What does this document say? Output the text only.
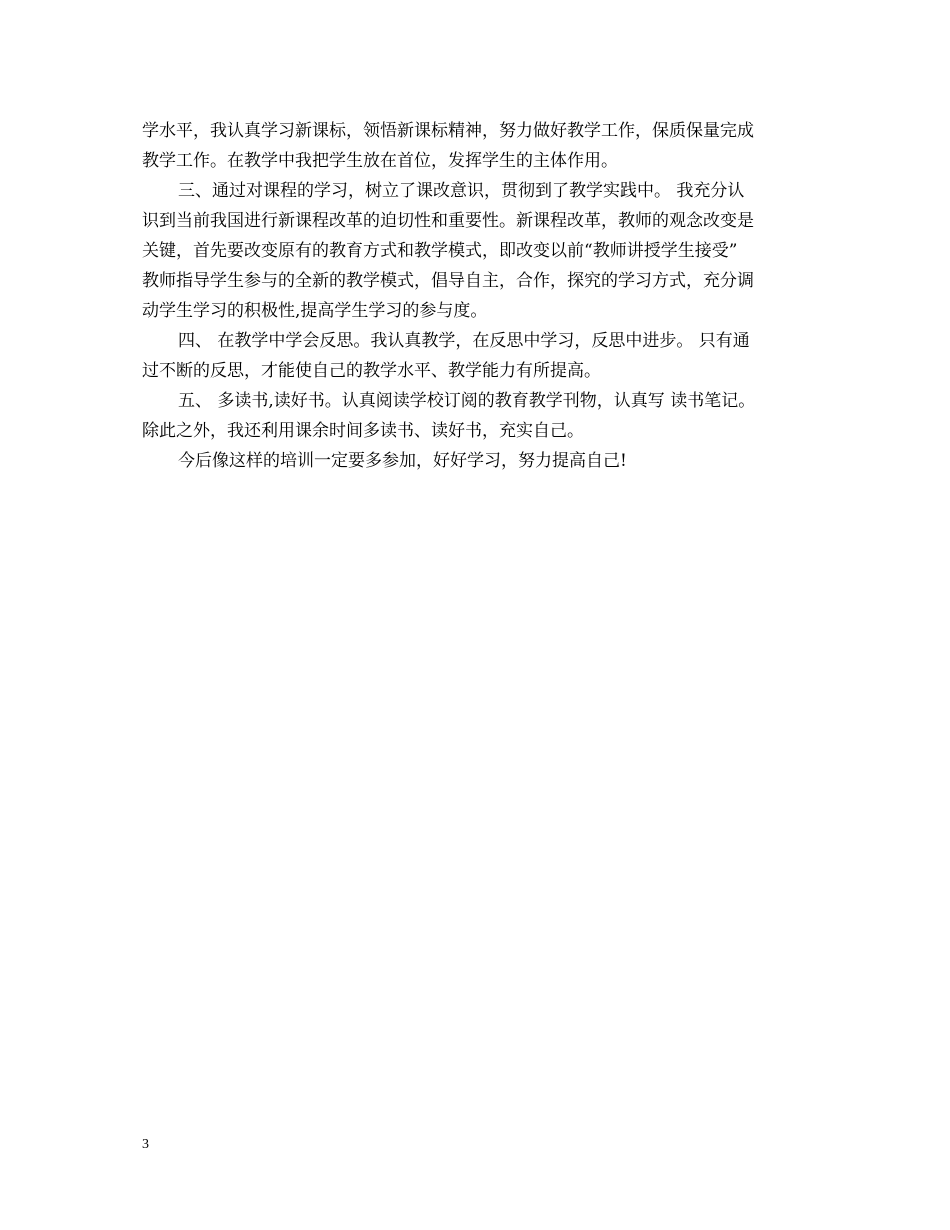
学水平，我认真学习新课标，领悟新课标精神，努力做好教学工作，保质保量完成
教学工作。在教学中我把学生放在首位，发挥学生的主体作用。
三、通过对课程的学习，树立了课改意识，贯彻到了教学实践中。 我充分认
识到当前我国进行新课程改革的迫切性和重要性。新课程改革，教师的观念改变是
关键，首先要改变原有的教育方式和教学模式，即改变以前“教师讲授学生接受”
教师指导学生参与的全新的教学模式，倡导自主，合作，探究的学习方式，充分调
动学生学习的积极性,提高学生学习的参与度。
四、 在教学中学会反思。我认真教学，在反思中学习，反思中进步。 只有通
过不断的反思，才能使自己的教学水平、教学能力有所提高。
五、 多读书,读好书。认真阅读学校订阅的教育教学刊物，认真写 读书笔记。
除此之外，我还利用课余时间多读书、读好书，充实自己。
今后像这样的培训一定要多参加，好好学习，努力提高自己!
3
